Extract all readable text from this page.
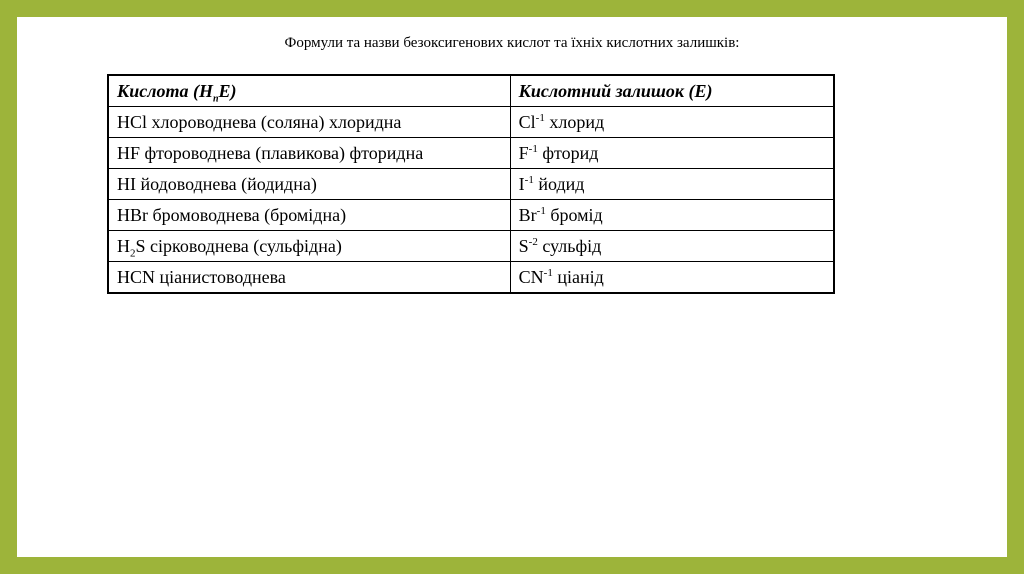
Формули та назви безоксигенових кислот та їхніх кислотних залишків:
Кислота $(H_nE)$	Кислотний залишок (E)
HCl хлороводнева (соляна) хлоридна	$Cl^{-1}$ хлорид
HF фтороводнева (плавикова) фторидна	$F^{-1}$ фторид
HI йодоводнева (йодидна)	$I^{-1}$ йодид
HBr бромоводнева (бромідна)	$Br^{-1}$ бромід
$H_2S$ сірководнева (сульфідна)	$S^{-2}$ сульфід
HCN ціанистоводнева	$CN^{-1}$ ціанід
